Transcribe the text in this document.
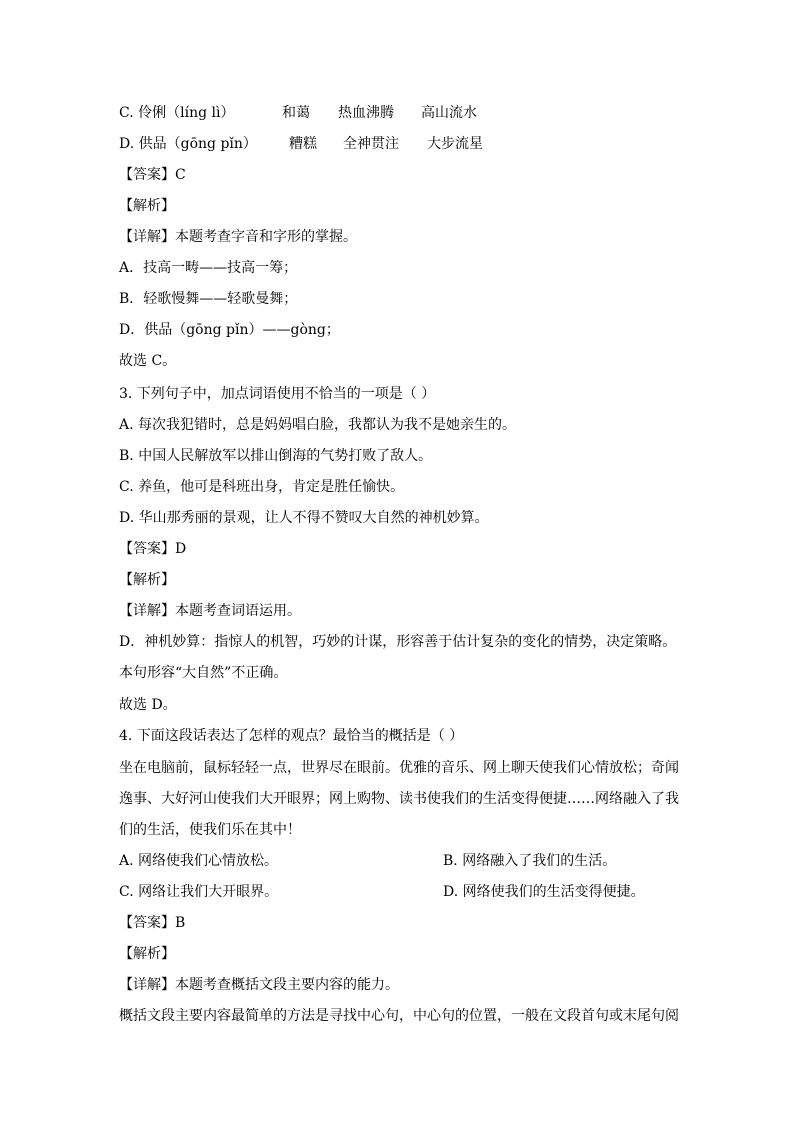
C. 伶俐（líng lì）	和蔼 热血沸腾 高山流水
D. 供品（gōng pǐn） 糟糕 全神贯注 大步流星
【答案】C
【解析】
【详解】本题考查字音和字形的掌握。
A．技高一畴——技高一筹；
B．轻歌慢舞——轻歌曼舞；
D．供品（gōng pǐn）——gòng；
故选 C。
3. 下列句子中，加点词语使用不恰当的一项是（ ）
A. 每次我犯错时，总是妈妈唱白脸，我都认为我不是她亲生的。
B. 中国人民解放军以排山倒海的气势打败了敌人。
C. 养鱼，他可是科班出身，肯定是胜任愉快。
D. 华山那秀丽的景观，让人不得不赞叹大自然的神机妙算。
【答案】D
【解析】
【详解】本题考查词语运用。
D．神机妙算：指惊人的机智，巧妙的计谋，形容善于估计复杂的变化的情势，决定策略。
本句形容“大自然”不正确。
故选 D。
4. 下面这段话表达了怎样的观点？最恰当的概括是（ ）
坐在电脑前，鼠标轻轻一点，世界尽在眼前。优雅的音乐、网上聊天使我们心情放松；奇闻
逸事、大好河山使我们大开眼界；网上购物、读书使我们的生活变得便捷……网络融入了我
们的生活，使我们乐在其中！
A. 网络使我们心情放松。	B. 网络融入了我们的生活。
C. 网络让我们大开眼界。	D. 网络使我们的生活变得便捷。
【答案】B
【解析】
【详解】本题考查概括文段主要内容的能力。
概括文段主要内容最简单的方法是寻找中心句，中心句的位置，一般在文段首句或末尾句阅
